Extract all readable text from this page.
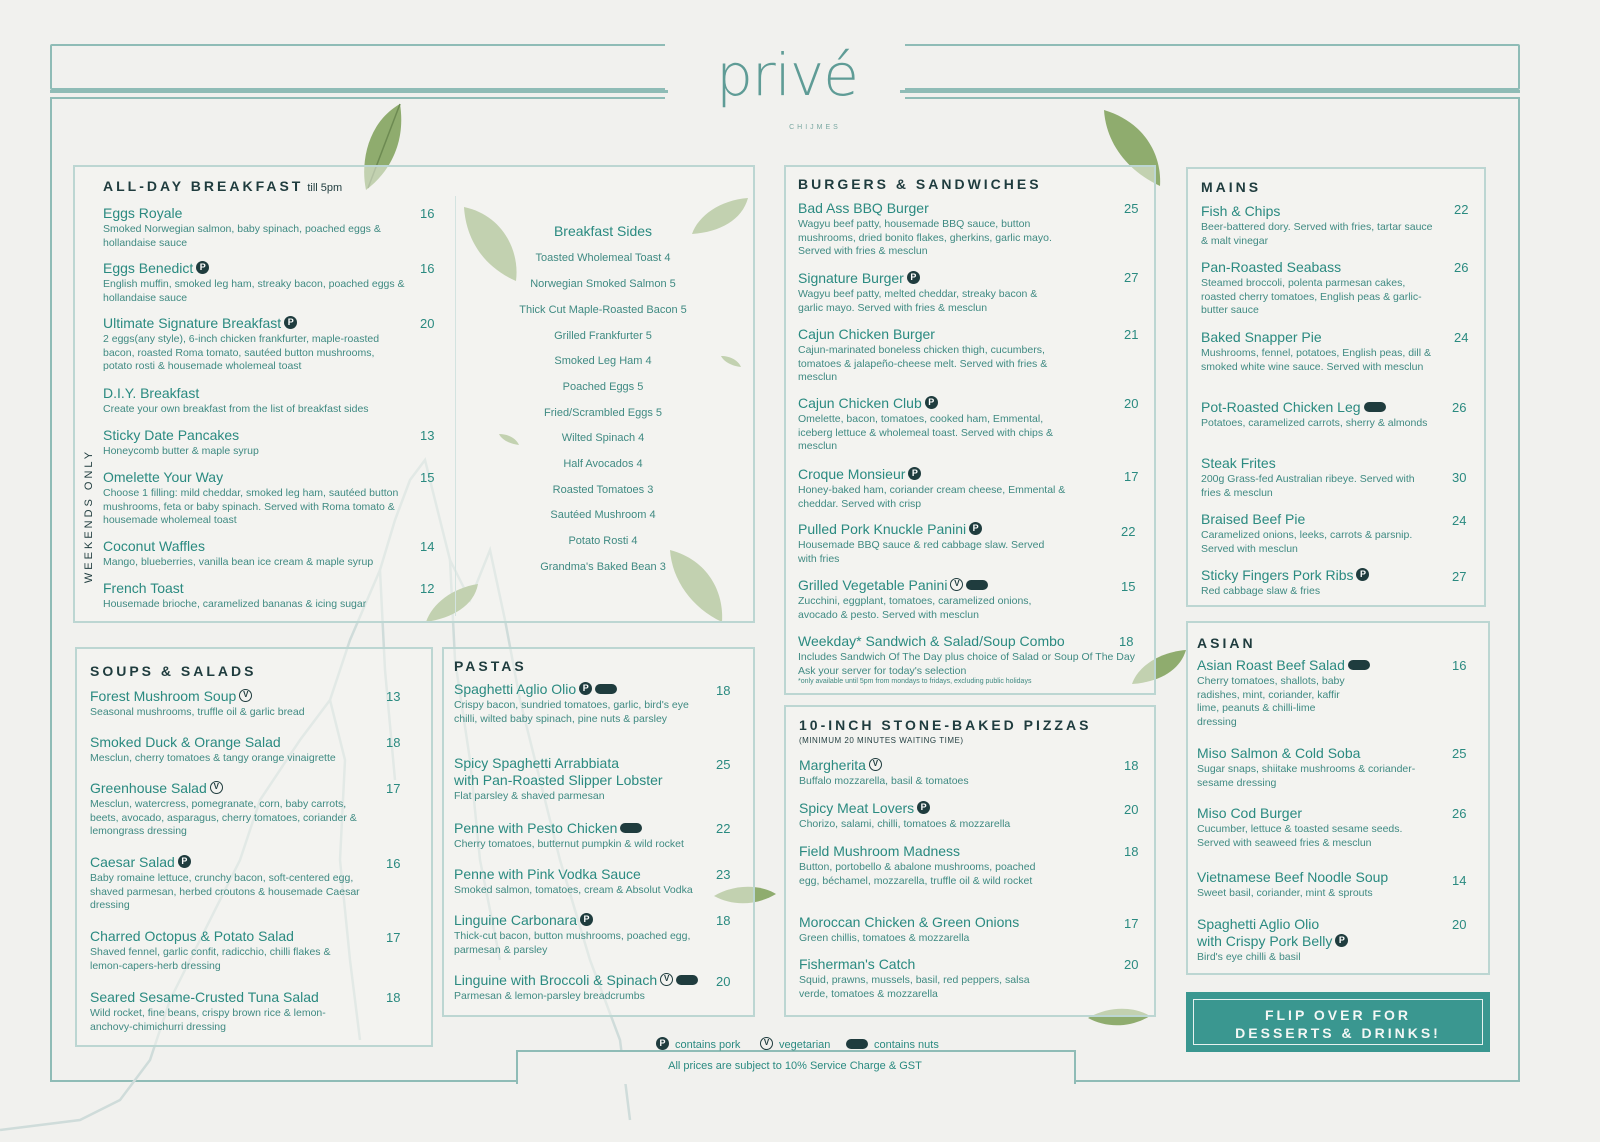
privé
CHIJMES
ALL-DAY BREAKFAST till 5pm
WEEKENDS ONLY
Eggs Royale
Smoked Norwegian salmon, baby spinach, poached eggs & hollandaise sauce
16
Eggs Benedict P
English muffin, smoked leg ham, streaky bacon, poached eggs & hollandaise sauce
16
Ultimate Signature Breakfast P
2 eggs(any style), 6-inch chicken frankfurter, maple-roasted bacon, roasted Roma tomato, sautéed button mushrooms, potato rosti & housemade wholemeal toast
20
D.I.Y. Breakfast
Create your own breakfast from the list of breakfast sides
Sticky Date Pancakes
Honeycomb butter & maple syrup
13
Omelette Your Way
Choose 1 filling: mild cheddar, smoked leg ham, sautéed button mushrooms, feta or baby spinach. Served with Roma tomato & housemade wholemeal toast
15
Coconut Waffles
Mango, blueberries, vanilla bean ice cream & maple syrup
14
French Toast
Housemade brioche, caramelized bananas & icing sugar
12
Breakfast Sides
Toasted Wholemeal Toast 4
Norwegian Smoked Salmon 5
Thick Cut Maple-Roasted Bacon 5
Grilled Frankfurter 5
Smoked Leg Ham 4
Poached Eggs 5
Fried/Scrambled Eggs 5
Wilted Spinach 4
Half Avocados 4
Roasted Tomatoes 3
Sautéed Mushroom 4
Potato Rosti 4
Grandma's Baked Bean 3
SOUPS & SALADS
Forest Mushroom Soup V
Seasonal mushrooms, truffle oil & garlic bread
13
Smoked Duck & Orange Salad
Mesclun, cherry tomatoes & tangy orange vinaigrette
18
Greenhouse Salad V
Mesclun, watercress, pomegranate, corn, baby carrots, beets, avocado, asparagus, cherry tomatoes, coriander & lemongrass dressing
17
Caesar Salad P
Baby romaine lettuce, crunchy bacon, soft-centered egg, shaved parmesan, herbed croutons & housemade Caesar dressing
16
Charred Octopus & Potato Salad
Shaved fennel, garlic confit, radicchio, chilli flakes & lemon-capers-herb dressing
17
Seared Sesame-Crusted Tuna Salad
Wild rocket, fine beans, crispy brown rice & lemon-anchovy-chimichurri dressing
18
PASTAS
Spaghetti Aglio Olio P
Crispy bacon, sundried tomatoes, garlic, bird's eye chilli, wilted baby spinach, pine nuts & parsley
18
Spicy Spaghetti Arrabbiata
with Pan-Roasted Slipper Lobster
Flat parsley & shaved parmesan
25
Penne with Pesto Chicken
Cherry tomatoes, butternut pumpkin & wild rocket
22
Penne with Pink Vodka Sauce
Smoked salmon, tomatoes, cream & Absolut Vodka
23
Linguine Carbonara P
Thick-cut bacon, button mushrooms, poached egg, parmesan & parsley
18
Linguine with Broccoli & Spinach V
Parmesan & lemon-parsley breadcrumbs
20
BURGERS & SANDWICHES
Bad Ass BBQ Burger
Wagyu beef patty, housemade BBQ sauce, button mushrooms, dried bonito flakes, gherkins, garlic mayo. Served with fries & mesclun
25
Signature Burger P
Wagyu beef patty, melted cheddar, streaky bacon & garlic mayo. Served with fries & mesclun
27
Cajun Chicken Burger
Cajun-marinated boneless chicken thigh, cucumbers, tomatoes & jalapeño-cheese melt. Served with fries & mesclun
21
Cajun Chicken Club P
Omelette, bacon, tomatoes, cooked ham, Emmental, iceberg lettuce & wholemeal toast. Served with chips & mesclun
20
Croque Monsieur P
Honey-baked ham, coriander cream cheese, Emmental & cheddar. Served with crisp
17
Pulled Pork Knuckle Panini P
Housemade BBQ sauce & red cabbage slaw. Served with fries
22
Grilled Vegetable Panini V
Zucchini, eggplant, tomatoes, caramelized onions, avocado & pesto. Served with mesclun
15
Weekday* Sandwich & Salad/Soup Combo
Includes Sandwich Of The Day plus choice of Salad or Soup Of The Day Ask your server for today's selection
*only available until 5pm from mondays to fridays, excluding public holidays
18
10-INCH STONE-BAKED PIZZAS
(MINIMUM 20 MINUTES WAITING TIME)
Margherita V
Buffalo mozzarella, basil & tomatoes
18
Spicy Meat Lovers P
Chorizo, salami, chilli, tomatoes & mozzarella
20
Field Mushroom Madness
Button, portobello & abalone mushrooms, poached egg, béchamel, mozzarella, truffle oil & wild rocket
18
Moroccan Chicken & Green Onions
Green chillis, tomatoes & mozzarella
17
Fisherman's Catch
Squid, prawns, mussels, basil, red peppers, salsa verde, tomatoes & mozzarella
20
MAINS
Fish & Chips
Beer-battered dory. Served with fries, tartar sauce & malt vinegar
22
Pan-Roasted Seabass
Steamed broccoli, polenta parmesan cakes, roasted cherry tomatoes, English peas & garlic-butter sauce
26
Baked Snapper Pie
Mushrooms, fennel, potatoes, English peas, dill & smoked white wine sauce. Served with mesclun
24
Pot-Roasted Chicken Leg
Potatoes, caramelized carrots, sherry & almonds
26
Steak Frites
200g Grass-fed Australian ribeye. Served with fries & mesclun
30
Braised Beef Pie
Caramelized onions, leeks, carrots & parsnip. Served with mesclun
24
Sticky Fingers Pork Ribs P
Red cabbage slaw & fries
27
ASIAN
Asian Roast Beef Salad
Cherry tomatoes, shallots, baby radishes, mint, coriander, kaffir lime, peanuts & chilli-lime dressing
16
Miso Salmon & Cold Soba
Sugar snaps, shiitake mushrooms & coriander-sesame dressing
25
Miso Cod Burger
Cucumber, lettuce & toasted sesame seeds. Served with seaweed fries & mesclun
26
Vietnamese Beef Noodle Soup
Sweet basil, coriander, mint & sprouts
14
Spaghetti Aglio Olio
with Crispy Pork Belly P
Bird's eye chilli & basil
20
FLIP OVER FOR
DESSERTS & DRINKS!
P contains pork	V vegetarian	contains nuts
All prices are subject to 10% Service Charge & GST
